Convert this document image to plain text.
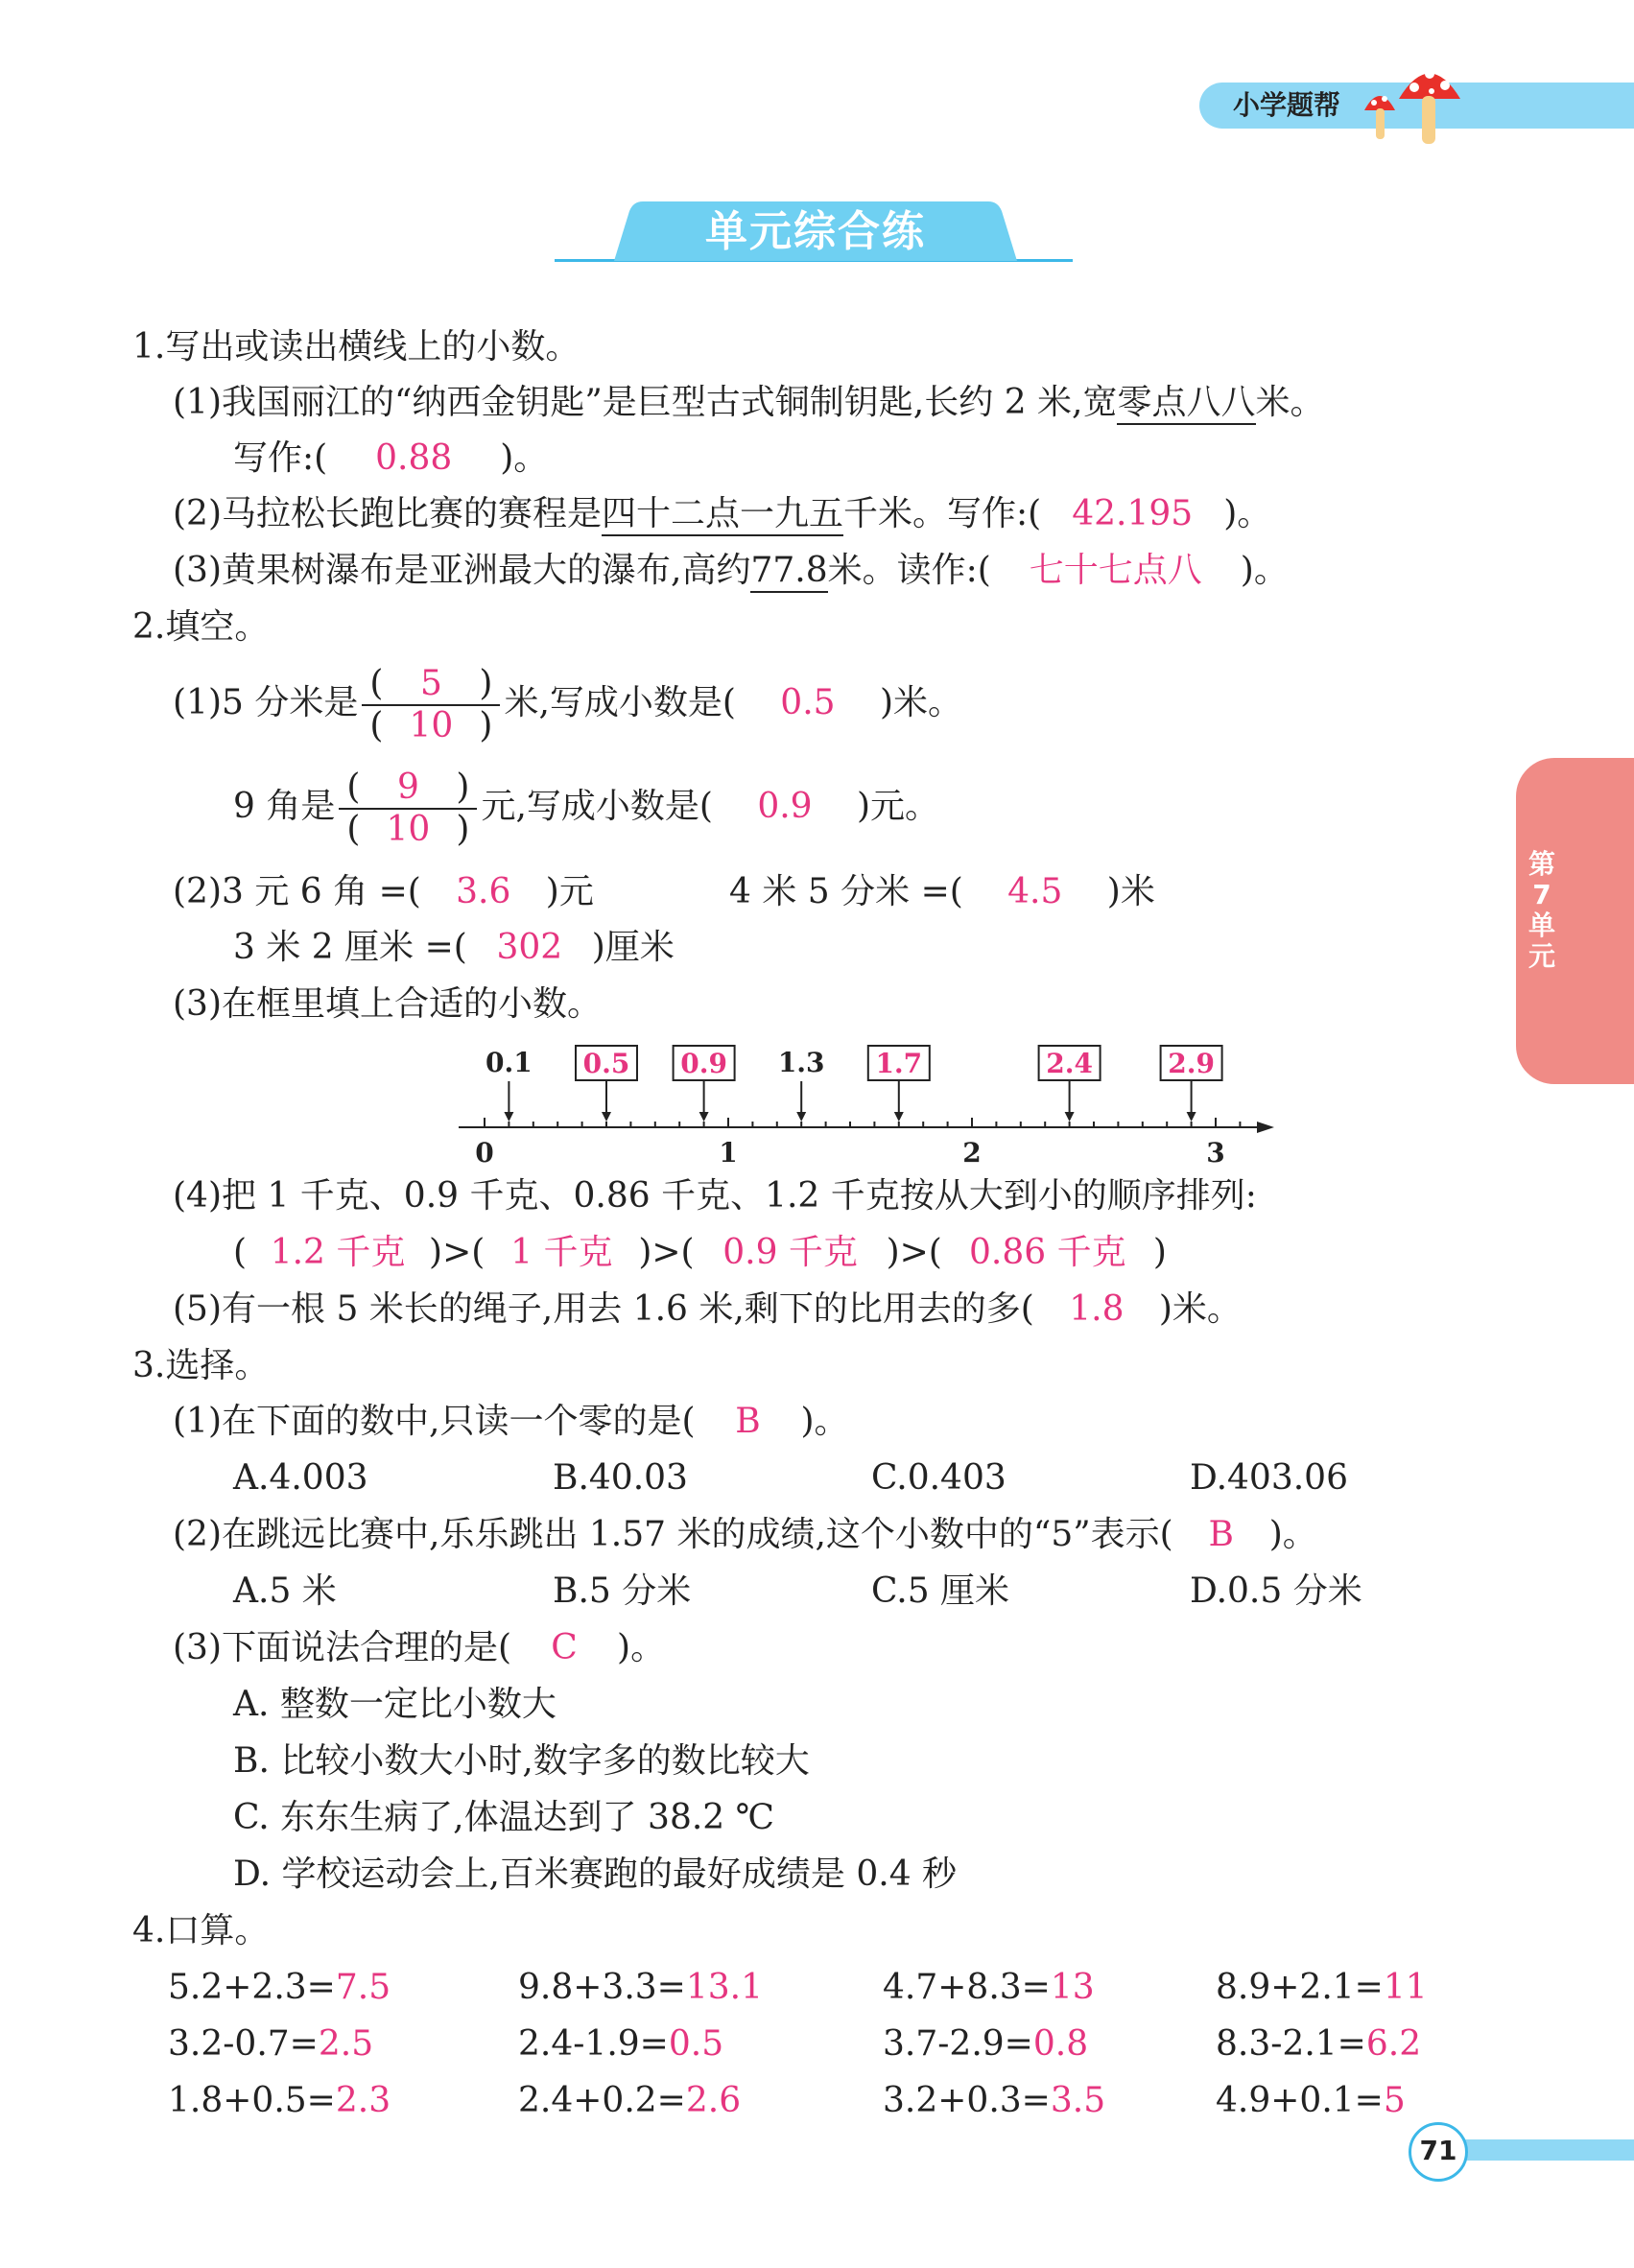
小学题帮
单元综合练
第7单元
1.写出或读出横线上的小数。
(1)我国丽江的“纳西金钥匙”是巨型古式铜制钥匙,长约 2 米,宽零点八八米。
写作:( 0.88 )。
(2)马拉松长跑比赛的赛程是四十二点一九五千米。写作:( 42.195 )。
(3)黄果树瀑布是亚洲最大的瀑布,高约77.8米。读作:( 七十七点八 )。
2.填空。
(1)5 分米是 $\frac{( 5 )}{( 10 )}$ 米,写成小数是( 0.5 )米。
9 角是 $\frac{( 9 )}{( 10 )}$ 元,写成小数是( 0.9 )元。
(2)3 元 6 角 =( 3.6 )元	4 米 5 分米 =( 4.5 )米
3 米 2 厘米 =( 302 )厘米
(3)在框里填上合适的小数。
0	1	2	3
0.1	1.3
0.5 0.9	1.7	2.4	2.9
(4)把 1 千克、0.9 千克、0.86 千克、1.2 千克按从大到小的顺序排列:
( 1.2 千克 )>( 1 千克 )>( 0.9 千克 )>( 0.86 千克 )
(5)有一根 5 米长的绳子,用去 1.6 米,剩下的比用去的多( 1.8 )米。
3.选择。
(1)在下面的数中,只读一个零的是( B )。
A.4.003	B.40.03	C.0.403	D.403.06
(2)在跳远比赛中,乐乐跳出 1.57 米的成绩,这个小数中的“5”表示( B )。
A.5 米	B.5 分米	C.5 厘米	D.0.5 分米
(3)下面说法合理的是( C )。
A. 整数一定比小数大
B. 比较小数大小时,数字多的数比较大
C. 东东生病了,体温达到了 38.2 ℃
D. 学校运动会上,百米赛跑的最好成绩是 0.4 秒
4.口算。
5.2+2.3=7.5	9.8+3.3=13.1	4.7+8.3=13	8.9+2.1=11
3.2-0.7=2.5	2.4-1.9=0.5	3.7-2.9=0.8	8.3-2.1=6.2
1.8+0.5=2.3	2.4+0.2=2.6	3.2+0.3=3.5	4.9+0.1=5
71
